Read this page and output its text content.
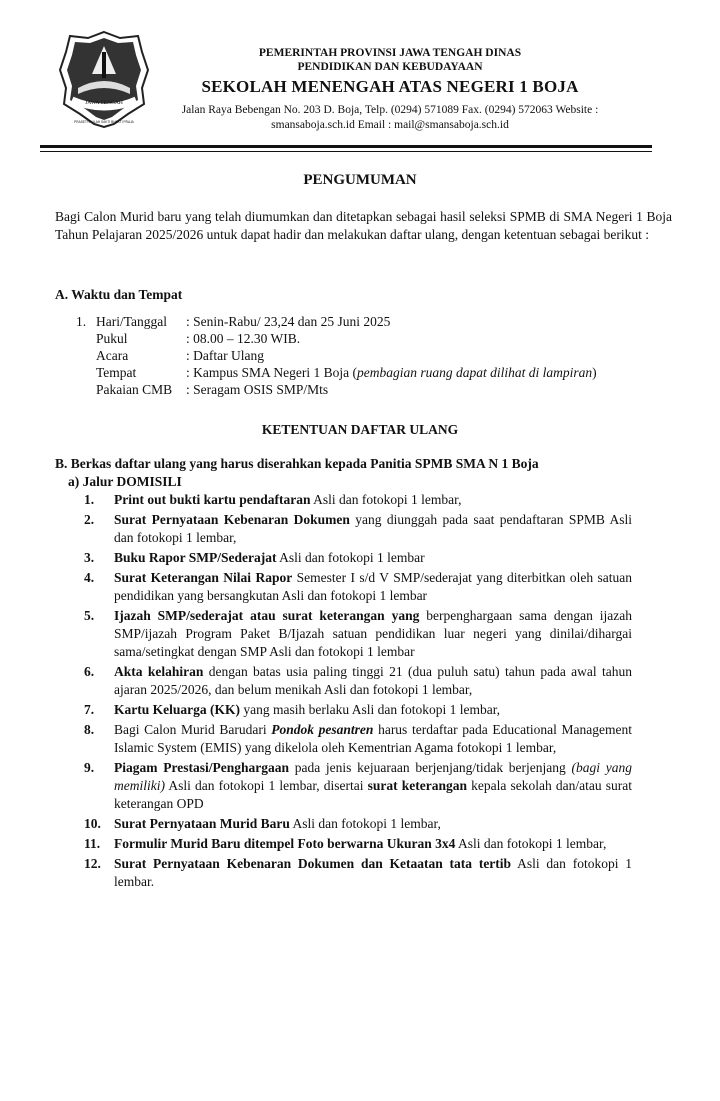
JAWA TENGAH
PRASETYA ULAH SAKTI BHAKTI PRAJA
PEMERINTAH PROVINSI JAWA TENGAH DINAS
PENDIDIKAN DAN KEBUDAYAAN
SEKOLAH MENENGAH ATAS NEGERI 1 BOJA
Jalan Raya Bebengan No. 203 D. Boja, Telp. (0294) 571089 Fax. (0294) 572063 Website :
smansaboja.sch.id Email : mail@smansaboja.sch.id
PENGUMUMAN
Bagi Calon Murid baru yang telah diumumkan dan ditetapkan sebagai hasil seleksi SPMB di SMA Negeri 1 Boja Tahun Pelajaran 2025/2026 untuk dapat hadir dan melakukan daftar ulang, dengan ketentuan sebagai berikut :
A. Waktu dan Tempat
1. Hari/Tanggal	: Senin-Rabu/ 23,24 dan 25 Juni 2025
Pukul	: 08.00 – 12.30 WIB.
Acara	: Daftar Ulang
Tempat	: Kampus SMA Negeri 1 Boja (pembagian ruang dapat dilihat di lampiran)
Pakaian CMB	: Seragam OSIS SMP/Mts
KETENTUAN DAFTAR ULANG
B. Berkas daftar ulang yang harus diserahkan kepada Panitia SPMB SMA N 1 Boja
a) Jalur DOMISILI
1.	Print out bukti kartu pendaftaran Asli dan fotokopi 1 lembar,
2.	Surat Pernyataan Kebenaran Dokumen yang diunggah pada saat pendaftaran SPMB Asli dan fotokopi 1 lembar,
3.	Buku Rapor SMP/Sederajat Asli dan fotokopi 1 lembar
4.	Surat Keterangan Nilai Rapor Semester I s/d V SMP/sederajat yang diterbitkan oleh satuan pendidikan yang bersangkutan Asli dan fotokopi 1 lembar
5.	Ijazah SMP/sederajat atau surat keterangan yang berpenghargaan sama dengan ijazah SMP/ijazah Program Paket B/Ijazah satuan pendidikan luar negeri yang dinilai/dihargai sama/setingkat dengan SMP Asli dan fotokopi 1 lembar
6.	Akta kelahiran dengan batas usia paling tinggi 21 (dua puluh satu) tahun pada awal tahun ajaran 2025/2026, dan belum menikah Asli dan fotokopi 1 lembar,
7.	Kartu Keluarga (KK) yang masih berlaku Asli dan fotokopi 1 lembar,
8.	Bagi Calon Murid Barudari Pondok pesantren harus terdaftar pada Educational Management Islamic System (EMIS) yang dikelola oleh Kementrian Agama fotokopi 1 lembar,
9.	Piagam Prestasi/Penghargaan pada jenis kejuaraan berjenjang/tidak berjenjang (bagi yang memiliki) Asli dan fotokopi 1 lembar, disertai surat keterangan kepala sekolah dan/atau surat keterangan OPD
10. Surat Pernyataan Murid Baru Asli dan fotokopi 1 lembar,
11.	Formulir Murid Baru ditempel Foto berwarna Ukuran 3x4 Asli dan fotokopi 1 lembar,
12. Surat Pernyataan Kebenaran Dokumen dan Ketaatan tata tertib Asli dan fotokopi 1 lembar.
